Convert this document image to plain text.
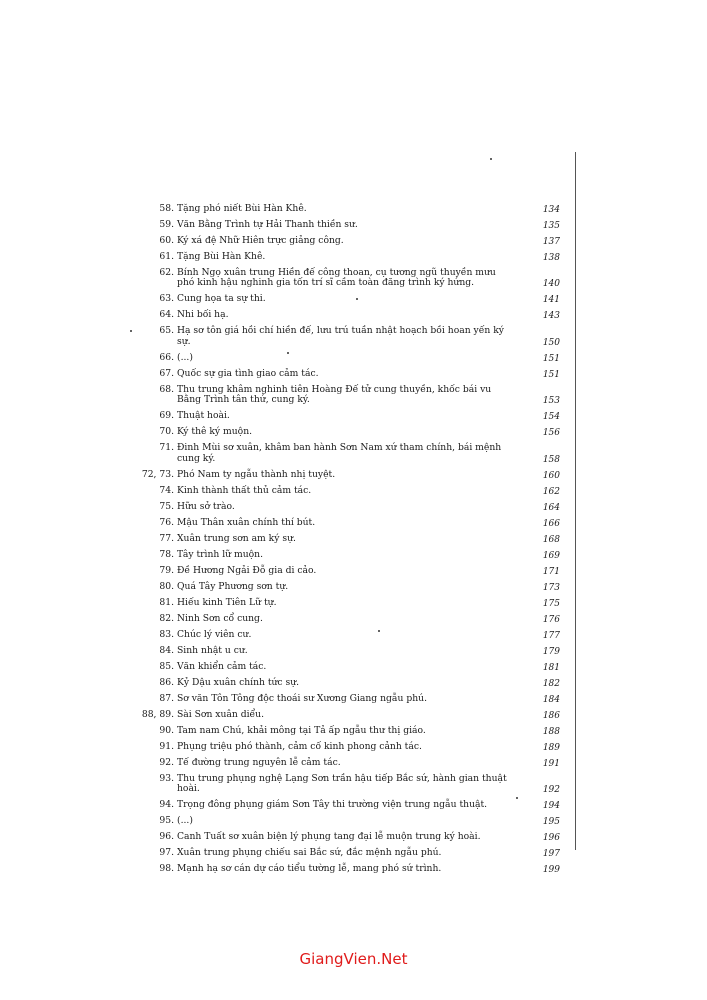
58. Tặng phó niết Bùi Hàn Khê.	134
59. Văn Bằng Trình tự Hải Thanh thiền sư.	135
60. Ký xá đệ Nhữ Hiên trực giảng công.	137
61. Tặng Bùi Hàn Khê.	138
62. Bính Ngọ xuân trung Hiền đế công thoan, cụ tương ngũ thuyền mưu phó kinh hậu nghinh gia tốn trí sĩ cầm toàn đăng trình ký hứng.	140
63. Cung họa ta sự thi.	141
64. Nhi bối hạ.	143
65. Hạ sơ tôn giá hồi chí hiền đế, lưu trú tuần nhật hoạch bồi hoan yến ký sự.	150
66. (...)	151
67. Quốc sự gia tình giao cảm tác.	151
68. Thu trung khâm nghinh tiên Hoàng Đế tử cung thuyền, khốc bái vu Bằng Trình tân thứ, cung ký.	153
69. Thuật hoài.	154
70. Ký thê ký muộn.	156
71. Đinh Mùi sơ xuân, khâm ban hành Sơn Nam xứ tham chính, bái mệnh cung ký.	158
72, 73. Phó Nam ty ngẫu thành nhị tuyệt.	160
74. Kinh thành thất thủ cảm tác.	162
75. Hữu sở trào.	164
76. Mậu Thân xuân chính thí bút.	166
77. Xuân trung sơn am ký sự.	168
78. Tây trình lữ muộn.	169
79. Đề Hương Ngải Đỗ gia di cảo.	171
80. Quá Tây Phương sơn tự.	173
81. Hiếu kinh Tiên Lữ tự.	175
82. Ninh Sơn cổ cung.	176
83. Chúc lý viên cư.	177
84. Sinh nhật u cư.	179
85. Văn khiển cảm tác.	181
86. Kỷ Dậu xuân chính tức sự.	182
87. Sơ văn Tôn Tông độc thoái sư Xương Giang ngẫu phú.	184
88, 89. Sài Sơn xuân diểu.	186
90. Tam nam Chú, khải mông tại Tả ấp ngẫu thư thị giáo.	188
91. Phụng triệu phó thành, cảm cố kinh phong cảnh tác.	189
92. Tế đường trung nguyên lễ cảm tác.	191
93. Thu trung phụng nghệ Lạng Sơn trần hậu tiếp Bắc sứ, hành gian thuật hoài.	192
94. Trọng đông phụng giám Sơn Tây thi trường viện trung ngẫu thuật.	194
95. (...)	195
96. Canh Tuất sơ xuân biện lý phụng tang đại lễ muộn trung ký hoài.	196
97. Xuân trung phụng chiếu sai Bắc sứ, đắc mệnh ngẫu phú.	197
98. Mạnh hạ sơ cán dự cáo tiểu tường lễ, mang phó sứ trình.	199
GiangVien.Net
